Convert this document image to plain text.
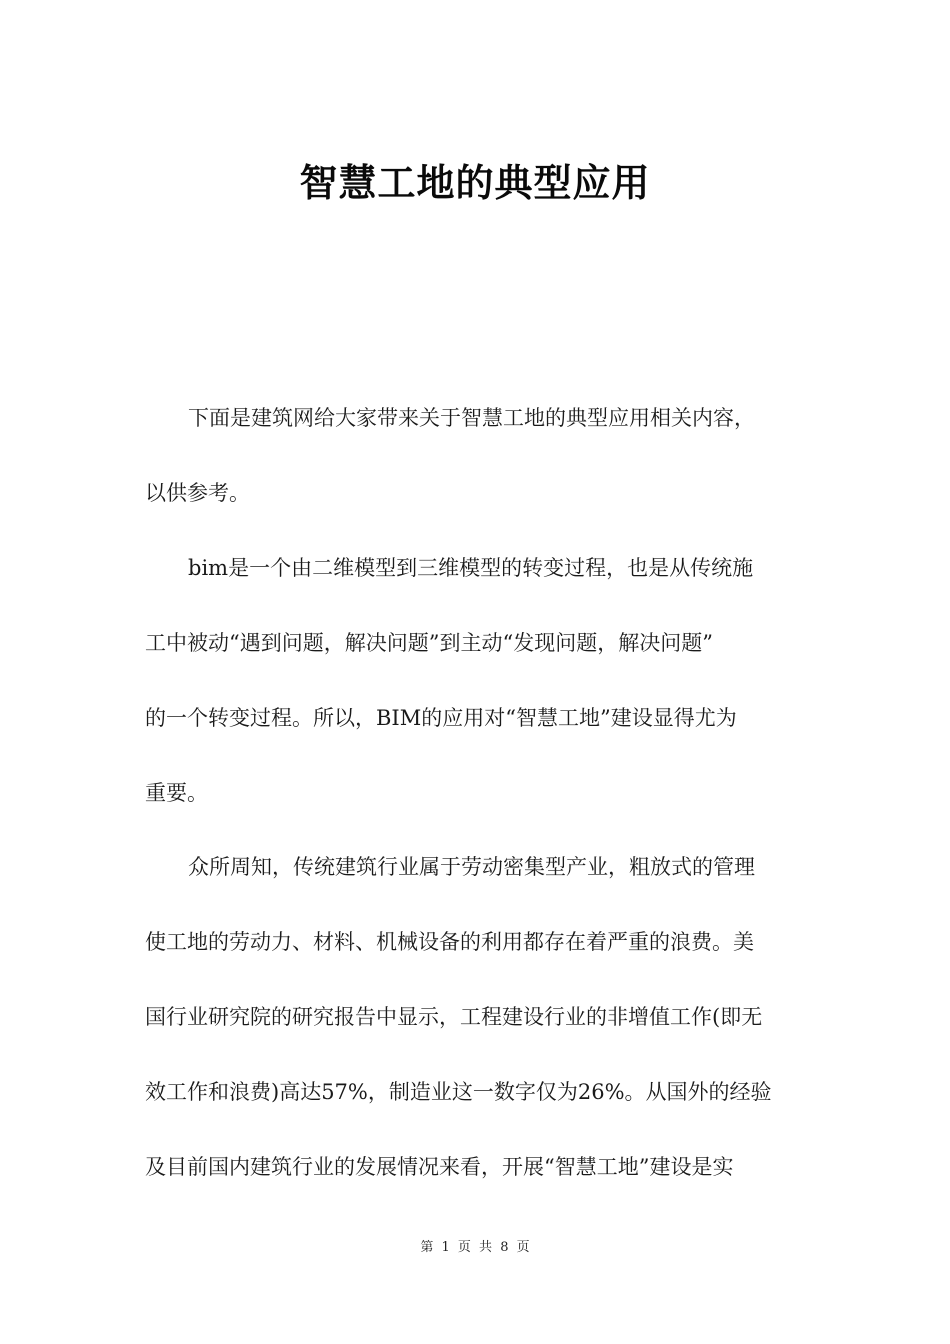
智慧工地的典型应用
下面是建筑网给大家带来关于智慧工地的典型应用相关内容，
以供参考。
bim是一个由二维模型到三维模型的转变过程，也是从传统施
工中被动“遇到问题，解决问题”到主动“发现问题，解决问题”
的一个转变过程。所以，BIM的应用对“智慧工地”建设显得尤为
重要。
众所周知，传统建筑行业属于劳动密集型产业，粗放式的管理
使工地的劳动力、材料、机械设备的利用都存在着严重的浪费。美
国行业研究院的研究报告中显示，工程建设行业的非增值工作(即无
效工作和浪费)高达57%，制造业这一数字仅为26%。从国外的经验
及目前国内建筑行业的发展情况来看，开展“智慧工地”建设是实
第 1 页 共 8 页
